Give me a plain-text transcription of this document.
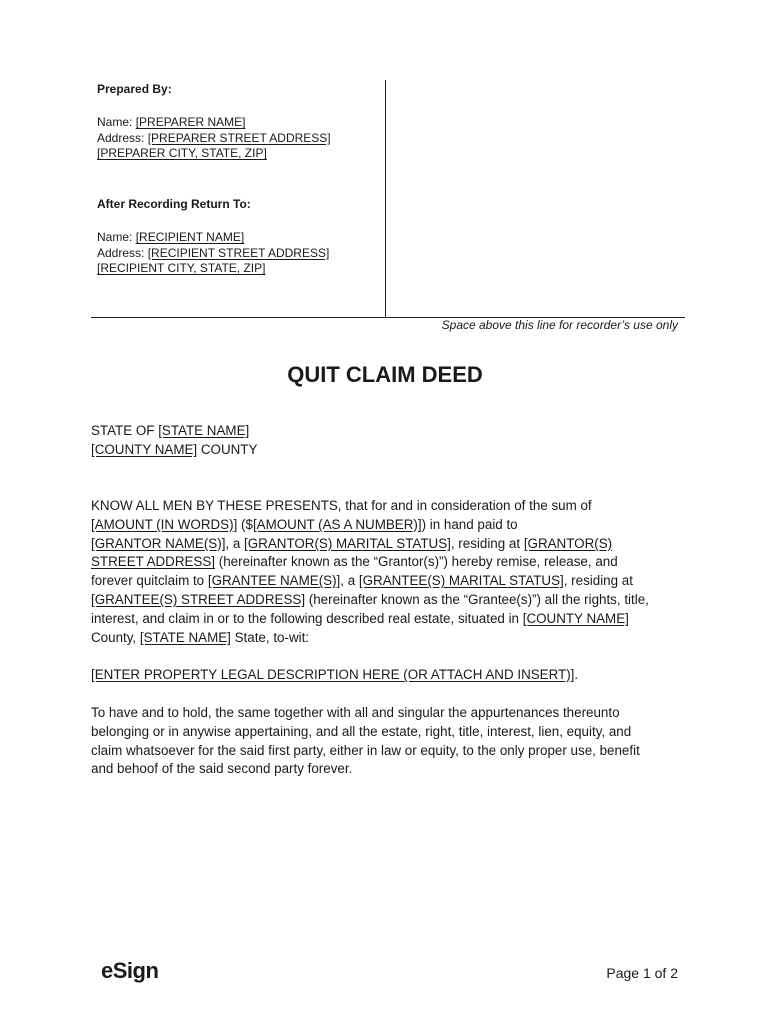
Prepared By:
Name: [PREPARER NAME]
Address: [PREPARER STREET ADDRESS]
[PREPARER CITY, STATE, ZIP]
After Recording Return To:
Name: [RECIPIENT NAME]
Address: [RECIPIENT STREET ADDRESS]
[RECIPIENT CITY, STATE, ZIP]
Space above this line for recorder’s use only
QUIT CLAIM DEED
STATE OF [STATE NAME]
[COUNTY NAME] COUNTY
KNOW ALL MEN BY THESE PRESENTS, that for and in consideration of the sum of
[AMOUNT (IN WORDS)] ($[AMOUNT (AS A NUMBER)]) in hand paid to
[GRANTOR NAME(S)], a [GRANTOR(S) MARITAL STATUS], residing at [GRANTOR(S)
STREET ADDRESS] (hereinafter known as the “Grantor(s)”) hereby remise, release, and
forever quitclaim to [GRANTEE NAME(S)], a [GRANTEE(S) MARITAL STATUS], residing at
[GRANTEE(S) STREET ADDRESS] (hereinafter known as the “Grantee(s)”) all the rights, title,
interest, and claim in or to the following described real estate, situated in [COUNTY NAME]
County, [STATE NAME] State, to-wit:
[ENTER PROPERTY LEGAL DESCRIPTION HERE (OR ATTACH AND INSERT)].
To have and to hold, the same together with all and singular the appurtenances thereunto
belonging or in anywise appertaining, and all the estate, right, title, interest, lien, equity, and
claim whatsoever for the said first party, either in law or equity, to the only proper use, benefit
and behoof of the said second party forever.
eSign	Page 1 of 2
